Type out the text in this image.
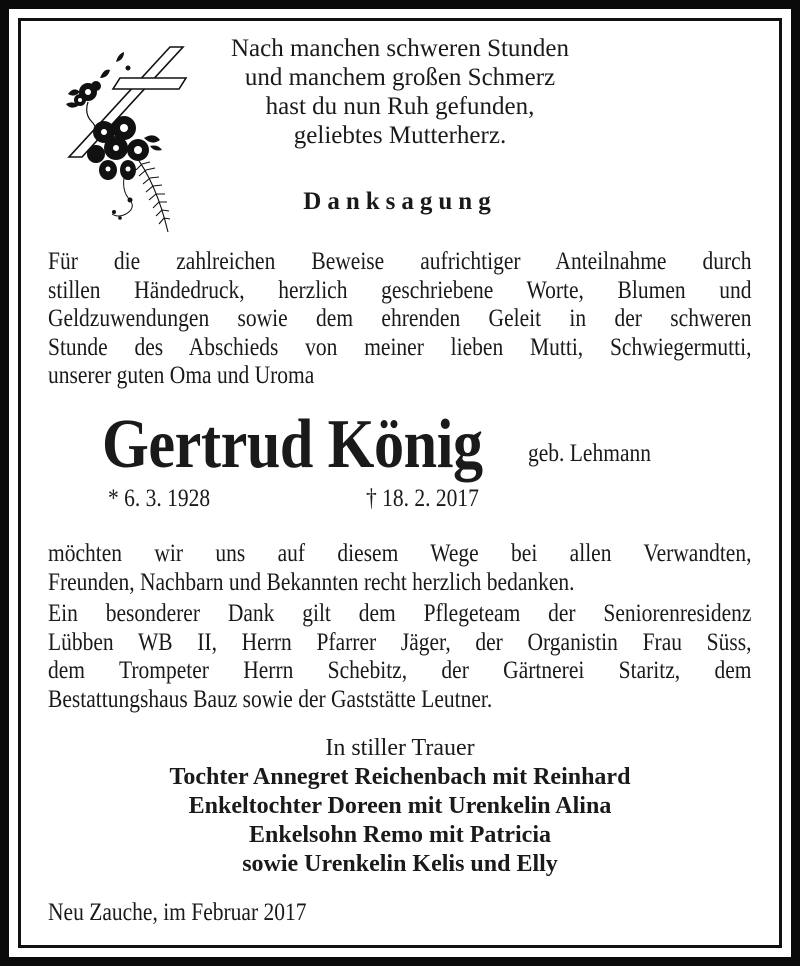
Nach manchen schweren Stunden
und manchem großen Schmerz
hast du nun Ruh gefunden,
geliebtes Mutterherz.
Danksagung
Für die zahlreichen Beweise aufrichtiger Anteilnahme durch
stillen Händedruck, herzlich geschriebene Worte, Blumen und
Geldzuwendungen sowie dem ehrenden Geleit in der schweren
Stunde des Abschieds von meiner lieben Mutti, Schwiegermutti,
unserer guten Oma und Uroma
Gertrud König	geb. Lehmann
* 6. 3. 1928	† 18. 2. 2017
möchten wir uns auf diesem Wege bei allen Verwandten,
Freunden, Nachbarn und Bekannten recht herzlich bedanken.
Ein besonderer Dank gilt dem Pflegeteam der Seniorenresidenz
Lübben WB II, Herrn Pfarrer Jäger, der Organistin Frau Süss,
dem Trompeter Herrn Schebitz, der Gärtnerei Staritz, dem
Bestattungshaus Bauz sowie der Gaststätte Leutner.
In stiller Trauer
Tochter Annegret Reichenbach mit Reinhard
Enkeltochter Doreen mit Urenkelin Alina
Enkelsohn Remo mit Patricia
sowie Urenkelin Kelis und Elly
Neu Zauche, im Februar 2017
